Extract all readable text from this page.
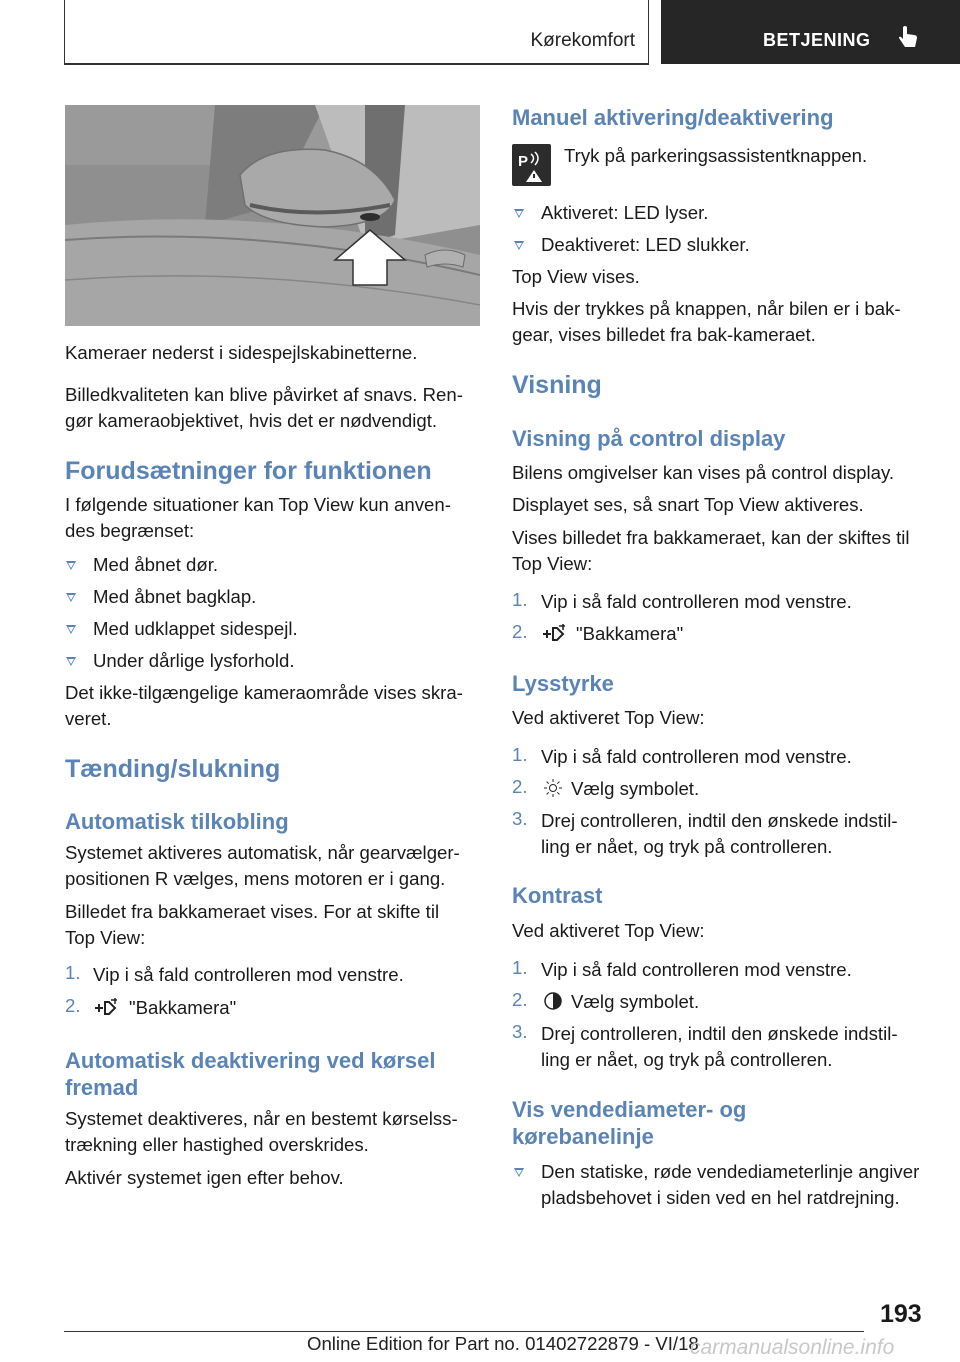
Kørekomfort	BETJENING

Kameraer nederst i sidespejlskabinetterne.

Billedkvaliteten kan blive påvirket af snavs. Ren-

gør kameraobjektivet, hvis det er nødvendigt.

Forudsætninger for funktionen

I følgende situationer kan Top View kun anven-

des begrænset:

Med åbnet dør.

Med åbnet bagklap.

Med udklappet sidespejl.

Under dårlige lysforhold.

Det ikke-tilgængelige kameraområde vises skra-

veret.

Tænding/slukning
Automatisk tilkobling

Systemet aktiveres automatisk, når gearvælger-

positionen R vælges, mens motoren er i gang.

Billedet fra bakkameraet vises. For at skifte til

Top View:

1. Vip i så fald controlleren mod venstre.

2.	"Bakkamera"

Automatisk deaktivering ved kørsel
fremad

Systemet deaktiveres, når en bestemt kørselss-

trækning eller hastighed overskrides.

Aktivér systemet igen efter behov.

Manuel aktivering/deaktivering
P Tryk på parkeringsassistentknappen.

Aktiveret: LED lyser.

Deaktiveret: LED slukker.

Top View vises.

Hvis der trykkes på knappen, når bilen er i bak-

gear, vises billedet fra bak-kameraet.

Visning
Visning på control display

Bilens omgivelser kan vises på control display.

Displayet ses, så snart Top View aktiveres.

Vises billedet fra bakkameraet, kan der skiftes til

Top View:

1. Vip i så fald controlleren mod venstre.

2.	"Bakkamera"

Lysstyrke

Ved aktiveret Top View:

1. Vip i så fald controlleren mod venstre.

2. Vælg symbolet.

3. Drej controlleren, indtil den ønskede indstil-

ling er nået, og tryk på controlleren.

Kontrast

Ved aktiveret Top View:

1. Vip i så fald controlleren mod venstre.

2. Vælg symbolet.

3. Drej controlleren, indtil den ønskede indstil-

ling er nået, og tryk på controlleren.

Vis vendediameter- og
kørebanelinje

Den statiske, røde vendediameterlinje angiver

pladsbehovet i siden ved en hel ratdrejning.

193
Online Edition for Part no. 01402722879 - VI/18
carmanualsonline.info
